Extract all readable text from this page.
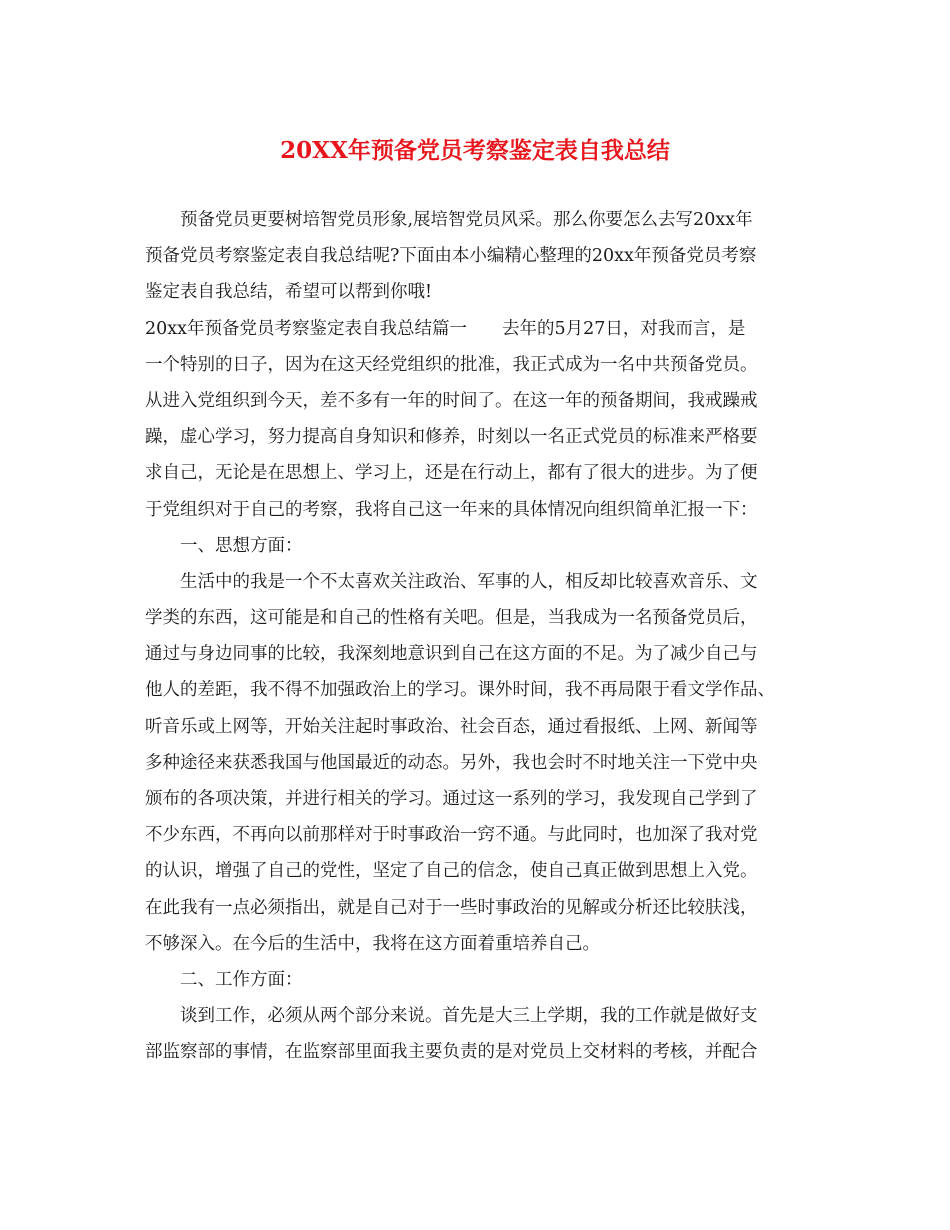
20XX年预备党员考察鉴定表自我总结
预备党员更要树培智党员形象,展培智党员风采。那么你要怎么去写20xx年
预备党员考察鉴定表自我总结呢?下面由本小编精心整理的20xx年预备党员考察
鉴定表自我总结，希望可以帮到你哦!
20xx年预备党员考察鉴定表自我总结篇一　　去年的5月27日，对我而言，是
一个特别的日子，因为在这天经党组织的批准，我正式成为一名中共预备党员。
从进入党组织到今天，差不多有一年的时间了。在这一年的预备期间，我戒躁戒
躁，虚心学习，努力提高自身知识和修养，时刻以一名正式党员的标准来严格要
求自己，无论是在思想上、学习上，还是在行动上，都有了很大的进步。为了便
于党组织对于自己的考察，我将自己这一年来的具体情况向组织简单汇报一下：
一、思想方面：
生活中的我是一个不太喜欢关注政治、军事的人，相反却比较喜欢音乐、文
学类的东西，这可能是和自己的性格有关吧。但是，当我成为一名预备党员后，
通过与身边同事的比较，我深刻地意识到自己在这方面的不足。为了减少自己与
他人的差距，我不得不加强政治上的学习。课外时间，我不再局限于看文学作品、
听音乐或上网等，开始关注起时事政治、社会百态，通过看报纸、上网、新闻等
多种途径来获悉我国与他国最近的动态。另外，我也会时不时地关注一下党中央
颁布的各项决策，并进行相关的学习。通过这一系列的学习，我发现自己学到了
不少东西，不再向以前那样对于时事政治一窍不通。与此同时，也加深了我对党
的认识，增强了自己的党性，坚定了自己的信念，使自己真正做到思想上入党。
在此我有一点必须指出，就是自己对于一些时事政治的见解或分析还比较肤浅，
不够深入。在今后的生活中，我将在这方面着重培养自己。
二、工作方面：
谈到工作，必须从两个部分来说。首先是大三上学期，我的工作就是做好支
部监察部的事情，在监察部里面我主要负责的是对党员上交材料的考核，并配合
